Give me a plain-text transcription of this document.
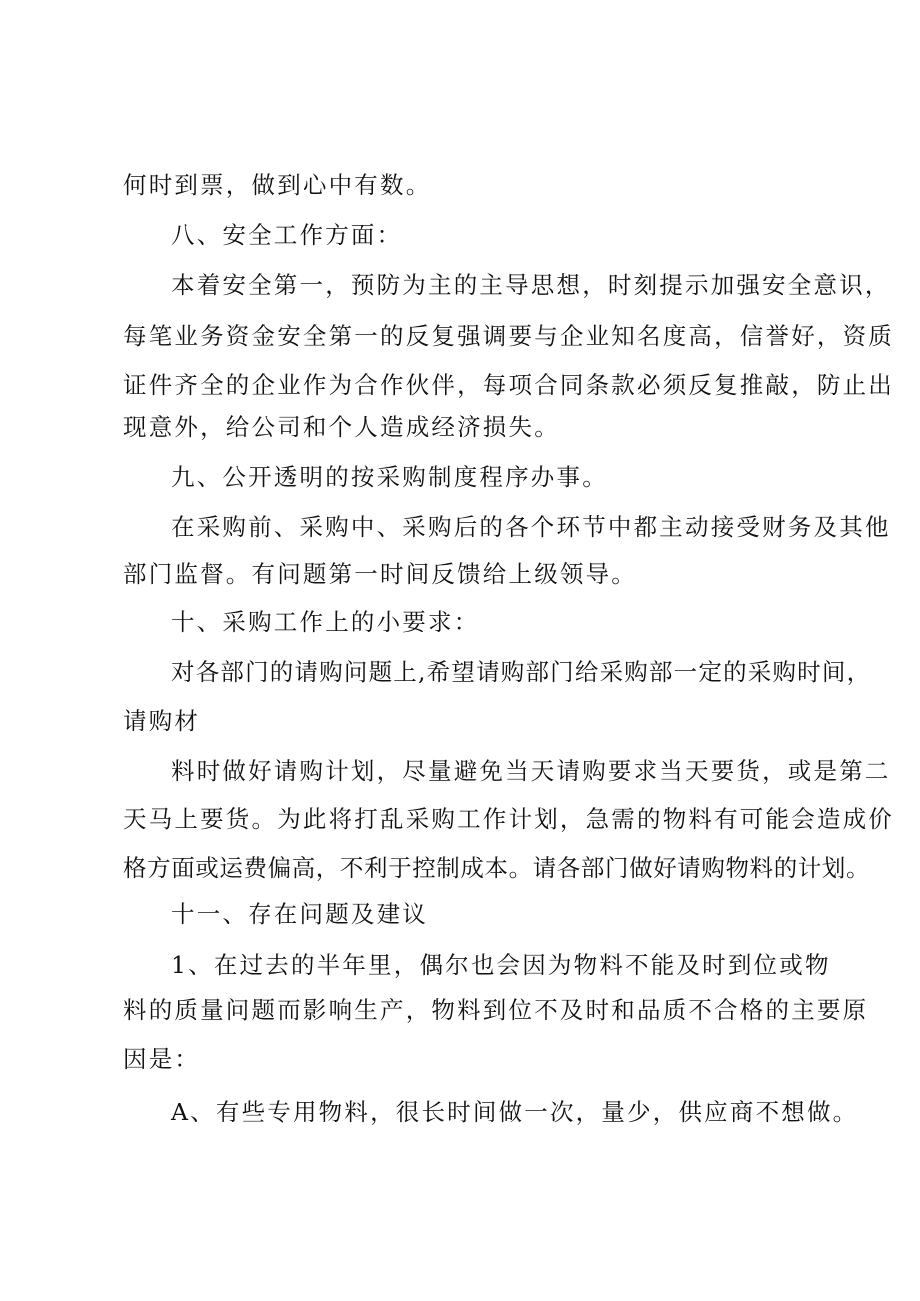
何时到票，做到心中有数。
八、安全工作方面：
本着安全第一，预防为主的主导思想，时刻提示加强安全意识，
每笔业务资金安全第一的反复强调要与企业知名度高，信誉好，资质
证件齐全的企业作为合作伙伴，每项合同条款必须反复推敲，防止出
现意外，给公司和个人造成经济损失。
九、公开透明的按采购制度程序办事。
在采购前、采购中、采购后的各个环节中都主动接受财务及其他
部门监督。有问题第一时间反馈给上级领导。
十、采购工作上的小要求：
对各部门的请购问题上,希望请购部门给采购部一定的采购时间，
请购材
料时做好请购计划，尽量避免当天请购要求当天要货，或是第二
天马上要货。为此将打乱采购工作计划，急需的物料有可能会造成价
格方面或运费偏高，不利于控制成本。请各部门做好请购物料的计划。
十一、存在问题及建议
1、在过去的半年里，偶尔也会因为物料不能及时到位或物
料的质量问题而影响生产，物料到位不及时和品质不合格的主要原
因是：
A、有些专用物料，很长时间做一次，量少，供应商不想做。
